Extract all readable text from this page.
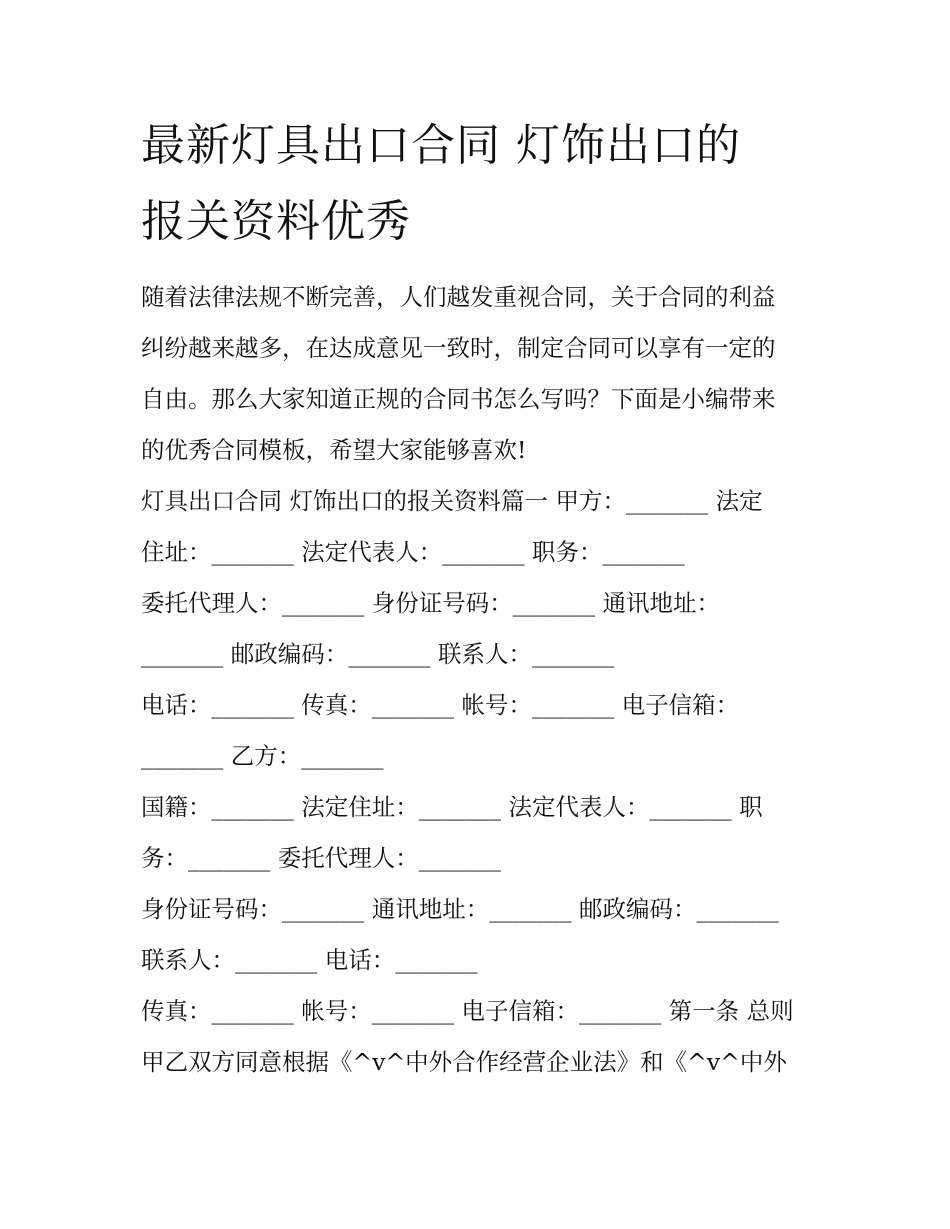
最新灯具出口合同 灯饰出口的
报关资料优秀
随着法律法规不断完善，人们越发重视合同，关于合同的利益
纠纷越来越多，在达成意见一致时，制定合同可以享有一定的
自由。那么大家知道正规的合同书怎么写吗？下面是小编带来
的优秀合同模板，希望大家能够喜欢!
灯具出口合同 灯饰出口的报关资料篇一 甲方：_______ 法定
住址：_______ 法定代表人：_______ 职务：_______
委托代理人：_______ 身份证号码：_______ 通讯地址：
_______ 邮政编码：_______ 联系人：_______
电话：_______ 传真：_______ 帐号：_______ 电子信箱：
_______ 乙方：_______
国籍：_______ 法定住址：_______ 法定代表人：_______ 职
务：_______ 委托代理人：_______
身份证号码：_______ 通讯地址：_______ 邮政编码：_______
联系人：_______ 电话：_______
传真：_______ 帐号：_______ 电子信箱：_______ 第一条 总则
甲乙双方同意根据《^v^中外合作经营企业法》和《^v^中外
